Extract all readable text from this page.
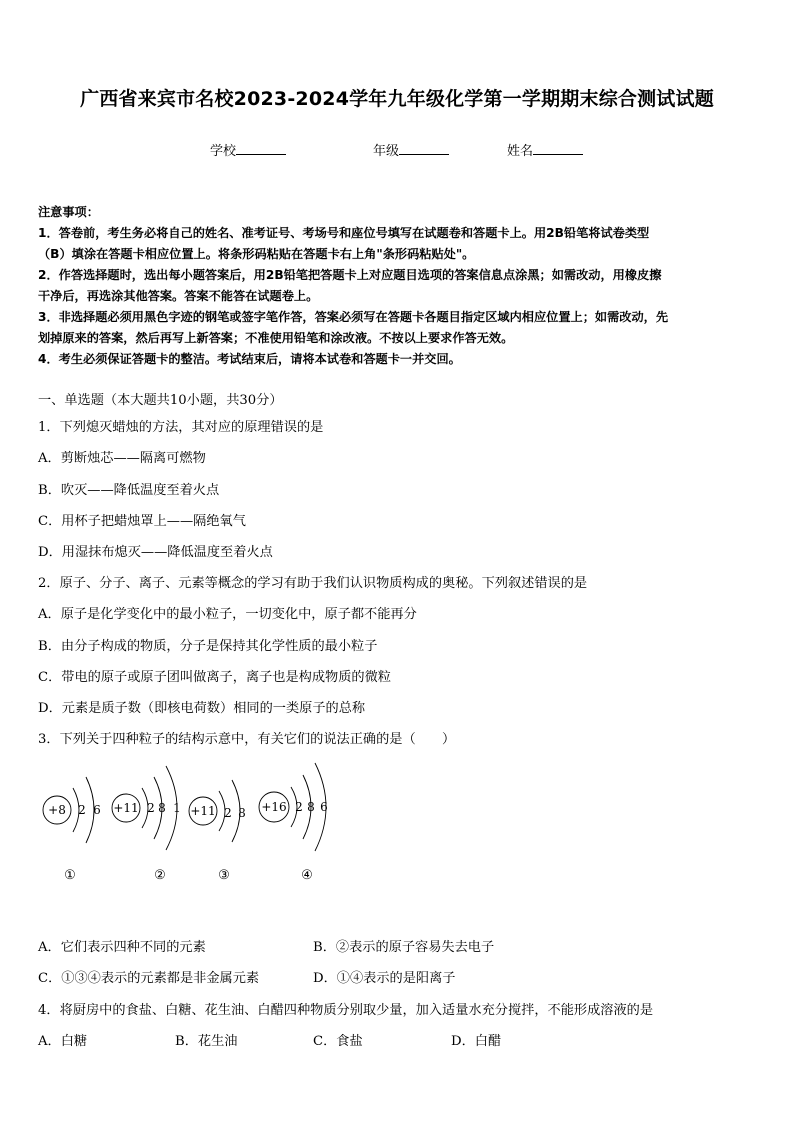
广西省来宾市名校2023-2024学年九年级化学第一学期期末综合测试试题
学校	年级	姓名
注意事项：
1．答卷前，考生务必将自己的姓名、准考证号、考场号和座位号填写在试题卷和答题卡上。用2B铅笔将试卷类型
（B）填涂在答题卡相应位置上。将条形码粘贴在答题卡右上角"条形码粘贴处"。
2．作答选择题时，选出每小题答案后，用2B铅笔把答题卡上对应题目选项的答案信息点涂黑；如需改动，用橡皮擦
干净后，再选涂其他答案。答案不能答在试题卷上。
3．非选择题必须用黑色字迹的钢笔或签字笔作答，答案必须写在答题卡各题目指定区域内相应位置上；如需改动，先
划掉原来的答案，然后再写上新答案；不准使用铅笔和涂改液。不按以上要求作答无效。
4．考生必须保证答题卡的整洁。考试结束后，请将本试卷和答题卡一并交回。
一、单选题（本大题共10小题，共30分）
1．下列熄灭蜡烛的方法，其对应的原理错误的是
A．剪断烛芯——隔离可燃物
B．吹灭——降低温度至着火点
C．用杯子把蜡烛罩上——隔绝氧气
D．用湿抹布熄灭——降低温度至着火点
2．原子、分子、离子、元素等概念的学习有助于我们认识物质构成的奥秘。下列叙述错误的是
A．原子是化学变化中的最小粒子，一切变化中，原子都不能再分
B．由分子构成的物质，分子是保持其化学性质的最小粒子
C．带电的原子或原子团叫做离子，离子也是构成物质的微粒
D．元素是质子数（即核电荷数）相同的一类原子的总称
3．下列关于四种粒子的结构示意中，有关它们的说法正确的是（　　）
+8 2 6
①
+11 2 8 1
②
+11 2 8
③
+16 2 8 6
④
A．它们表示四种不同的元素	B．②表示的原子容易失去电子
C．①③④表示的元素都是非金属元素	D．①④表示的是阳离子
4．将厨房中的食盐、白糖、花生油、白醋四种物质分别取少量，加入适量水充分搅拌，不能形成溶液的是
A．白糖	B．花生油	C．食盐	D．白醋
